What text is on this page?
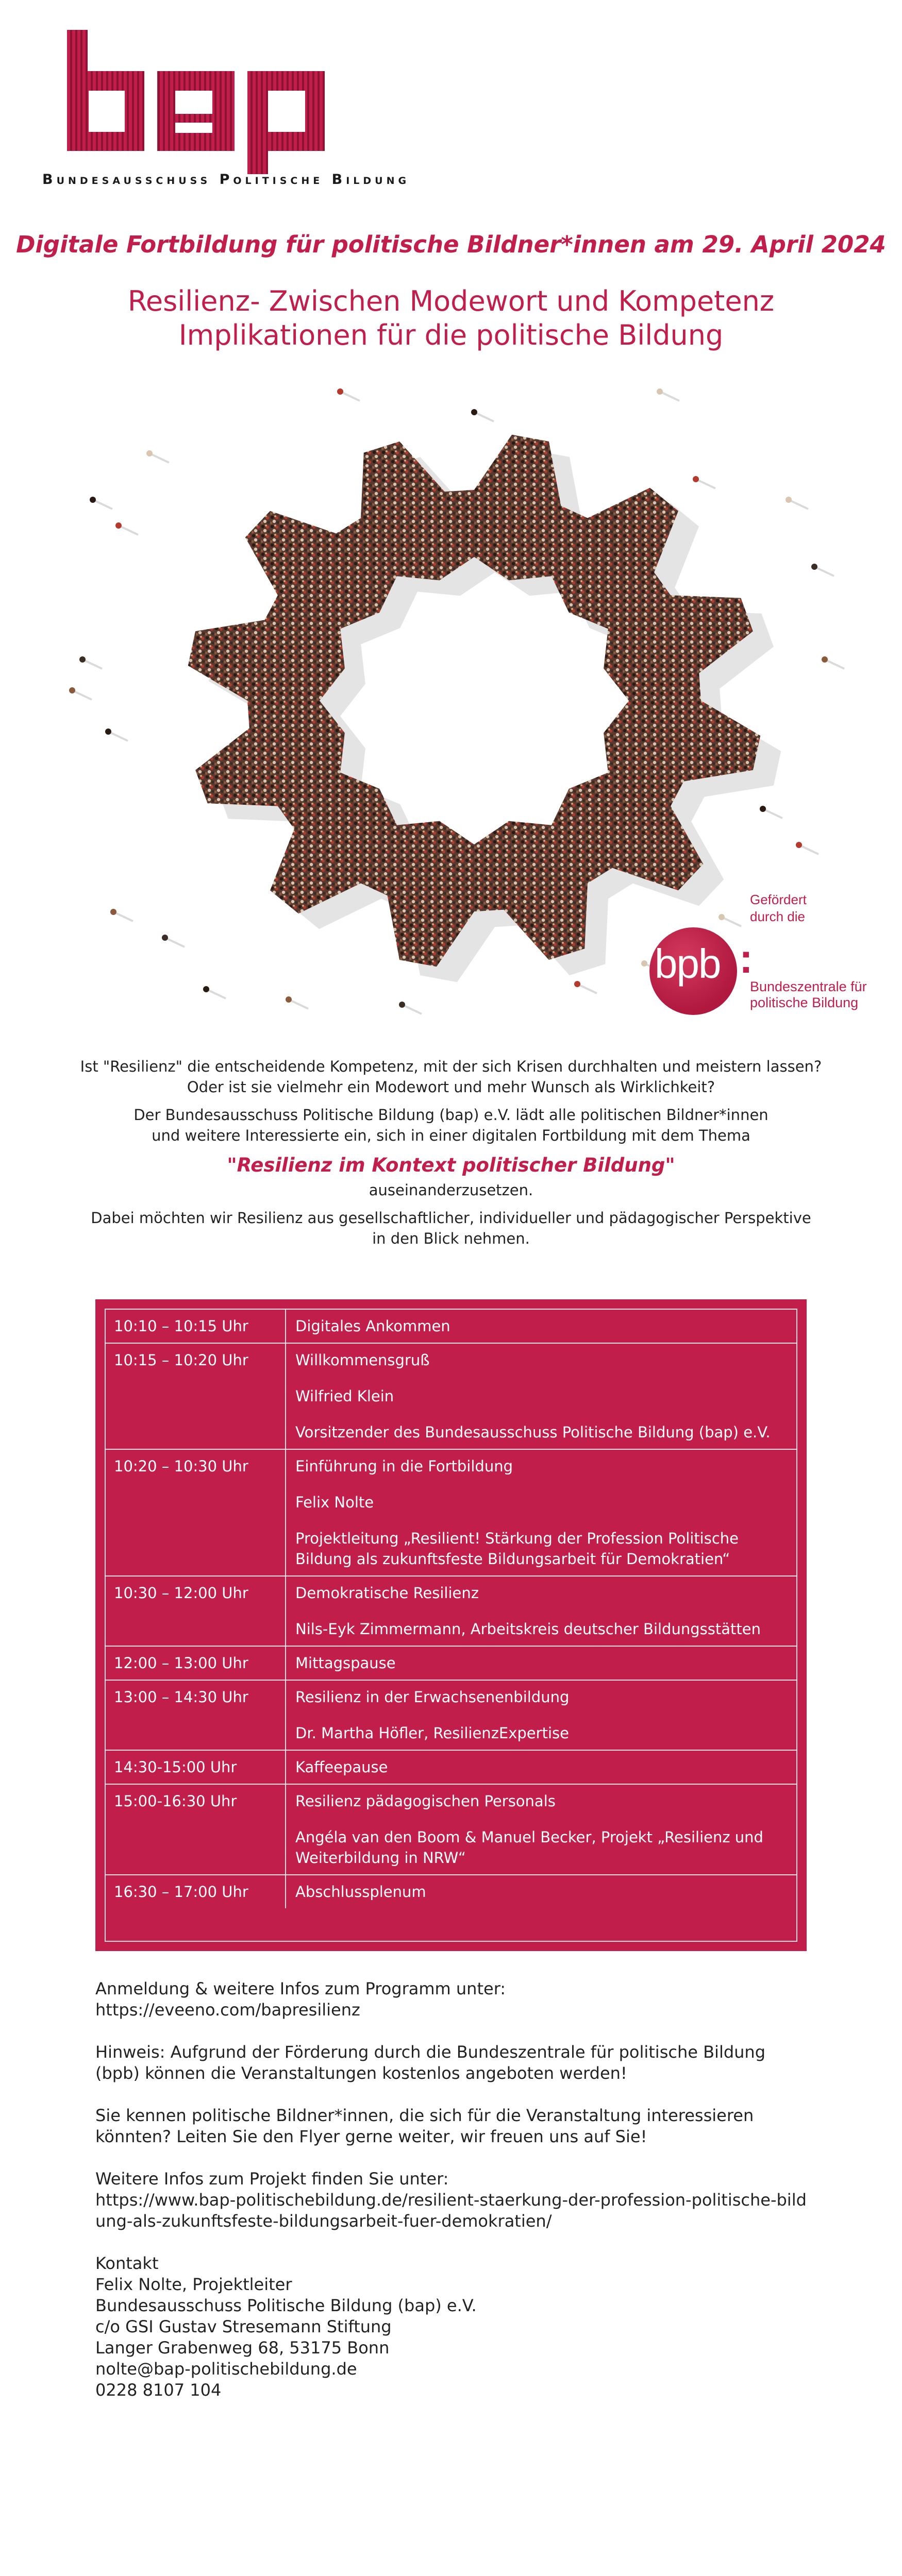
Bundesausschuss Politische Bildung
Digitale Fortbildung für politische Bildner*innen am 29. April 2024
Resilienz- Zwischen Modewort und Kompetenz
Implikationen für die politische Bildung
Gefördert
durch die
bpb :
Bundeszentrale für
politische Bildung

Ist "Resilienz" die entscheidende Kompetenz, mit der sich Krisen durchhalten und meistern lassen?
Oder ist sie vielmehr ein Modewort und mehr Wunsch als Wirklichkeit?

Der Bundesausschuss Politische Bildung (bap) e.V. lädt alle politischen Bildner*innen
und weitere Interessierte ein, sich in einer digitalen Fortbildung mit dem Thema

"Resilienz im Kontext politischer Bildung"

auseinanderzusetzen.

Dabei möchten wir Resilienz aus gesellschaftlicher, individueller und pädagogischer Perspektive
in den Blick nehmen.

10:10 – 10:15 Uhr	Digitales Ankommen

10:15 – 10:20 Uhr	Willkommensgruß

Wilfried Klein

Vorsitzender des Bundesausschuss Politische Bildung (bap) e.V.

10:20 – 10:30 Uhr	Einführung in die Fortbildung

Felix Nolte

Projektleitung „Resilient! Stärkung der Profession Politische Bildung als zukunftsfeste Bildungsarbeit für Demokratien“

10:30 – 12:00 Uhr	Demokratische Resilienz

Nils-Eyk Zimmermann, Arbeitskreis deutscher Bildungsstätten

12:00 – 13:00 Uhr	Mittagspause

13:00 – 14:30 Uhr	Resilienz in der Erwachsenenbildung

Dr. Martha Höfler, ResilienzExpertise

14:30-15:00 Uhr	Kaffeepause

15:00-16:30 Uhr	Resilienz pädagogischen Personals

Angéla van den Boom & Manuel Becker, Projekt „Resilienz und Weiterbildung in NRW“

16:30 – 17:00 Uhr	Abschlussplenum

Anmeldung & weitere Infos zum Programm unter:
https://eveeno.com/bapresilienz

Hinweis: Aufgrund der Förderung durch die Bundeszentrale für politische Bildung (bpb) können die Veranstaltungen kostenlos angeboten werden!

Sie kennen politische Bildner*innen, die sich für die Veranstaltung interessieren könnten? Leiten Sie den Flyer gerne weiter, wir freuen uns auf Sie!

Weitere Infos zum Projekt finden Sie unter:
https://www.bap-politischebildung.de/resilient-staerkung-der-profession-politische-bildung-als-zukunftsfeste-bildungsarbeit-fuer-demokratien/

Kontakt
Felix Nolte, Projektleiter
Bundesausschuss Politische Bildung (bap) e.V.
c/o GSI Gustav Stresemann Stiftung
Langer Grabenweg 68, 53175 Bonn
nolte@bap-politischebildung.de
0228 8107 104
